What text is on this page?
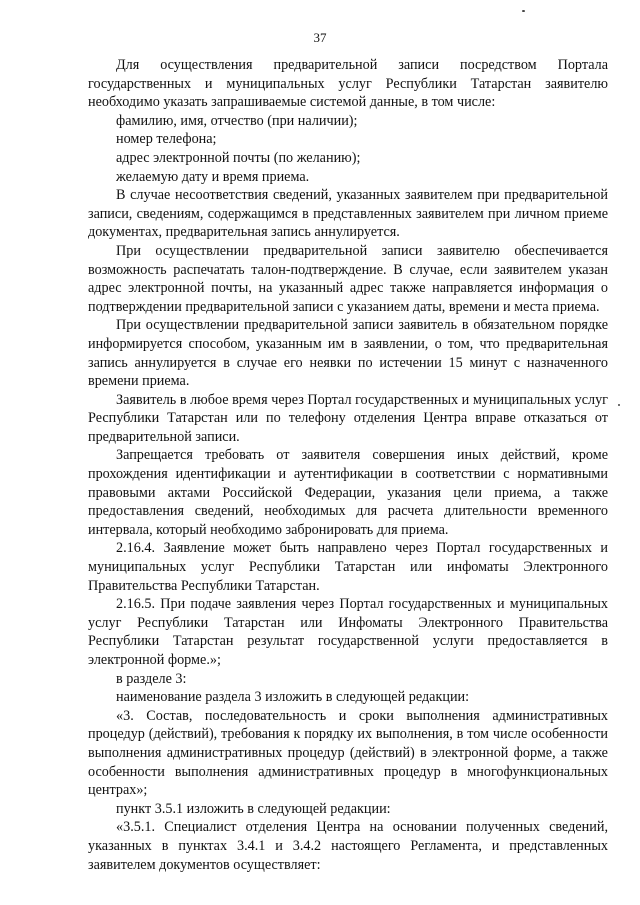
37

Для осуществления предварительной записи посредством Портала государственных и муниципальных услуг Республики Татарстан заявителю необходимо указать запрашиваемые системой данные, в том числе:

фамилию, имя, отчество (при наличии);

номер телефона;

адрес электронной почты (по желанию);

желаемую дату и время приема.

В случае несоответствия сведений, указанных заявителем при предварительной записи, сведениям, содержащимся в представленных заявителем при личном приеме документах, предварительная запись аннулируется.

При осуществлении предварительной записи заявителю обеспечивается возможность распечатать талон-подтверждение. В случае, если заявителем указан адрес электронной почты, на указанный адрес также направляется информация о подтверждении предварительной записи с указанием даты, времени и места приема.

При осуществлении предварительной записи заявитель в обязательном порядке информируется способом, указанным им в заявлении, о том, что предварительная запись аннулируется в случае его неявки по истечении 15 минут с назначенного времени приема.

Заявитель в любое время через Портал государственных и муниципальных услуг Республики Татарстан или по телефону отделения Центра вправе отказаться от предварительной записи.

Запрещается требовать от заявителя совершения иных действий, кроме прохождения идентификации и аутентификации в соответствии с нормативными правовыми актами Российской Федерации, указания цели приема, а также предоставления сведений, необходимых для расчета длительности временного интервала, который необходимо забронировать для приема.

2.16.4. Заявление может быть направлено через Портал государственных и муниципальных услуг Республики Татарстан или инфоматы Электронного Правительства Республики Татарстан.

2.16.5. При подаче заявления через Портал государственных и муниципальных услуг Республики Татарстан или Инфоматы Электронного Правительства Республики Татарстан результат государственной услуги предоставляется в электронной форме.»;

в разделе 3:

наименование раздела 3 изложить в следующей редакции:

«3. Состав, последовательность и сроки выполнения административных процедур (действий), требования к порядку их выполнения, в том числе особенности выполнения административных процедур (действий) в электронной форме, а также особенности выполнения административных процедур в многофункциональных центрах»;

пункт 3.5.1 изложить в следующей редакции:

«3.5.1. Специалист отделения Центра на основании полученных сведений, указанных в пунктах 3.4.1 и 3.4.2 настоящего Регламента, и представленных заявителем документов осуществляет:
